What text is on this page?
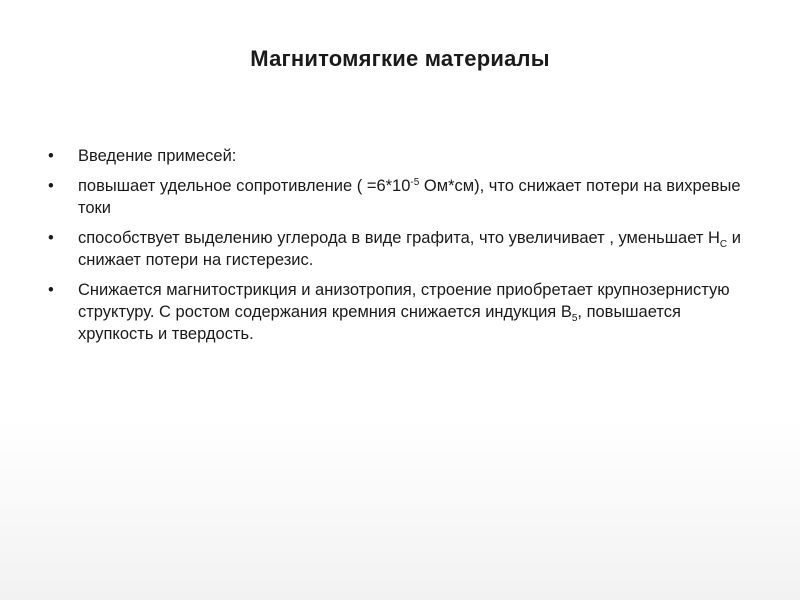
Магнитомягкие материалы
•	Введение примесей:
•	повышает удельное сопротивление ( $=6*10^{-5}$ Ом*см), что снижает потери на вихревые токи
•	способствует выделению углерода в виде графита, что увеличивает , уменьшает $Н_С$ и снижает потери на гистерезис.
•	Снижается магнитострикция и анизотропия, строение приобретает крупнозернистую структуру. С ростом содержания кремния снижается индукция $В_5$, повышается хрупкость и твердость.
